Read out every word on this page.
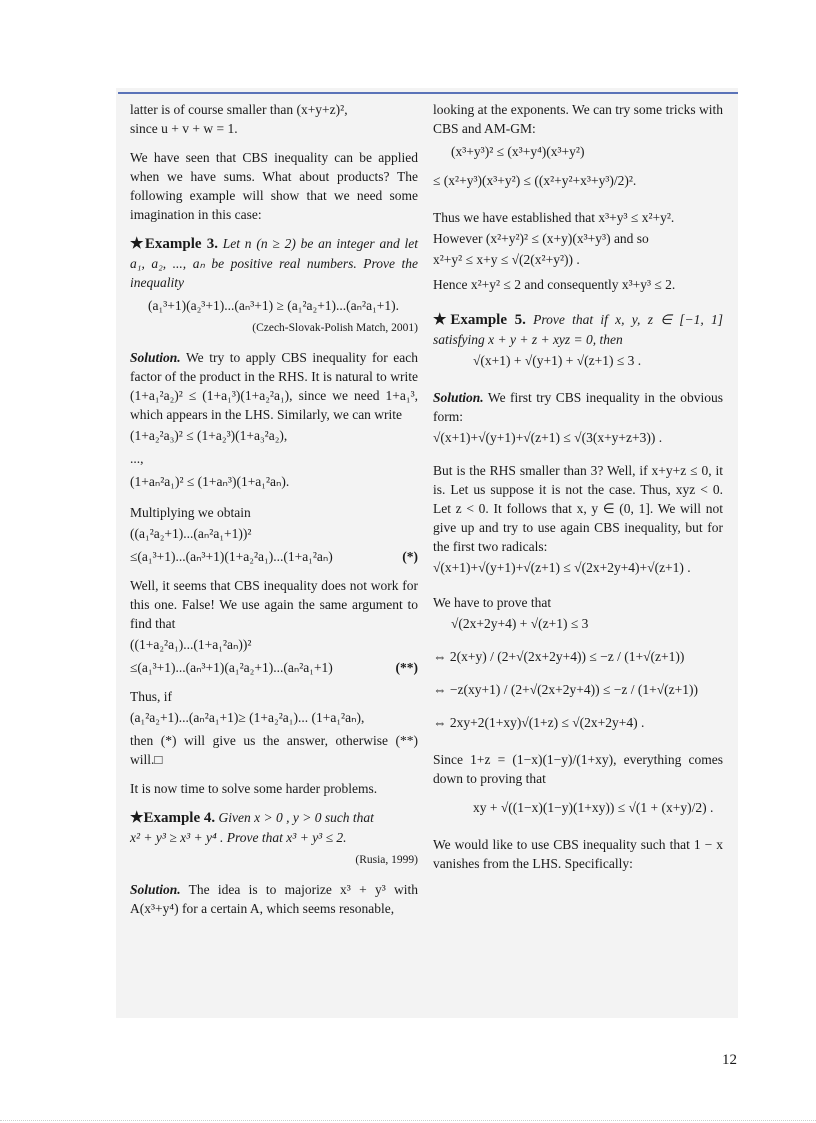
latter is of course smaller than (x+y+z)²,
since u + v + w = 1.

We have seen that CBS inequality can be applied when we have sums. What about products? The following example will show that we need some imagination in this case:

★Example 3. Let n (n ≥ 2) be an integer and let a₁, a₂, ..., aₙ be positive real numbers. Prove the inequality

(a₁³+1)(a₂³+1)...(aₙ³+1) ≥ (a₁²a₂+1)...(aₙ²a₁+1).
(Czech-Slovak-Polish Match, 2001)

Solution. We try to apply CBS inequality for each factor of the product in the RHS. It is natural to write (1+a₁²a₂)² ≤ (1+a₁³)(1+a₂²a₁), since we need 1+a₁³, which appears in the LHS. Similarly, we can write

(1+a₂²a₃)² ≤ (1+a₂³)(1+a₃²a₂),
...,
(1+aₙ²a₁)² ≤ (1+aₙ³)(1+a₁²aₙ).

Multiplying we obtain

((a₁²a₂+1)...(aₙ²a₁+1))²
≤(a₁³+1)...(aₙ³+1)(1+a₂²a₁)...(1+a₁²aₙ)	(*)

Well, it seems that CBS inequality does not work for this one. False! We use again the same argument to find that

((1+a₂²a₁)...(1+a₁²aₙ))²
≤(a₁³+1)...(aₙ³+1)(a₁²a₂+1)...(aₙ²a₁+1)	(**)

Thus, if

(a₁²a₂+1)...(aₙ²a₁+1)≥ (1+a₂²a₁)... (1+a₁²aₙ),

then (*) will give us the answer, otherwise (**) will.□

It is now time to solve some harder problems.

★Example 4. Given x > 0 , y > 0 such that
x² + y³ ≥ x³ + y⁴ . Prove that x³ + y³ ≤ 2.

(Rusia, 1999)

Solution. The idea is to majorize x³ + y³ with A(x³+y⁴) for a certain A, which seems resonable,

looking at the exponents. We can try some tricks with CBS and AM-GM:

(x³+y³)² ≤ (x³+y⁴)(x³+y²)
≤ (x²+y³)(x³+y²) ≤ ((x²+y²+x³+y³)/2)².

Thus we have established that x³+y³ ≤ x²+y².

However (x²+y²)² ≤ (x+y)(x³+y³) and so

x²+y² ≤ x+y ≤ √(2(x²+y²)) .

Hence x²+y² ≤ 2 and consequently x³+y³ ≤ 2.

★Example 5. Prove that if x, y, z ∈ [−1, 1] satisfying x + y + z + xyz = 0, then

√(x+1) + √(y+1) + √(z+1) ≤ 3 .

Solution. We first try CBS inequality in the obvious form:

√(x+1)+√(y+1)+√(z+1) ≤ √(3(x+y+z+3)) .

But is the RHS smaller than 3? Well, if x+y+z ≤ 0, it is. Let us suppose it is not the case. Thus, xyz < 0. Let z < 0. It follows that x, y ∈ (0, 1]. We will not give up and try to use again CBS inequality, but for the first two radicals:

√(x+1)+√(y+1)+√(z+1) ≤ √(2x+2y+4)+√(z+1) .

We have to prove that

√(2x+2y+4) + √(z+1) ≤ 3
⇔ 2(x+y) / (2+√(2x+2y+4)) ≤ −z / (1+√(z+1))
⇔ −z(xy+1) / (2+√(2x+2y+4)) ≤ −z / (1+√(z+1))
⇔ 2xy+2(1+xy)√(1+z) ≤ √(2x+2y+4) .

Since 1+z = (1−x)(1−y)/(1+xy), everything comes down to proving that

xy + √((1−x)(1−y)(1+xy)) ≤ √(1 + (x+y)/2) .

We would like to use CBS inequality such that 1 − x vanishes from the LHS. Specifically:

12
